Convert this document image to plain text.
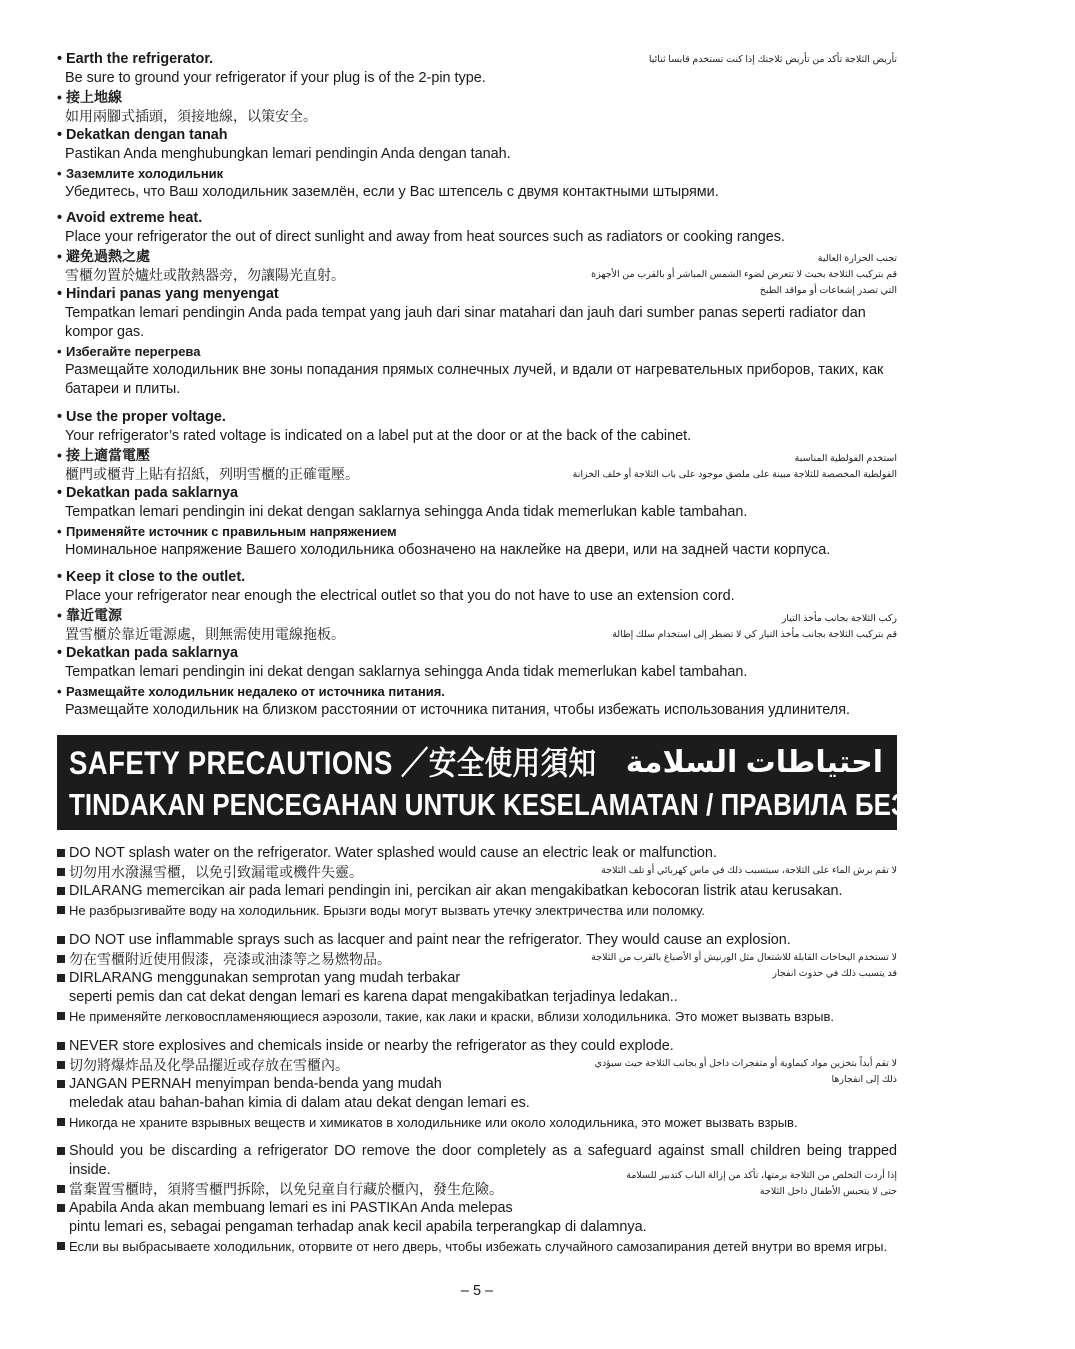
• Earth the refrigerator.
Be sure to ground your refrigerator if your plug is of the 2-pin type.
• 接上地線
如用兩腳式插頭，須接地線，以策安全。
• Dekatkan dengan tanah
Pastikan Anda menghubungkan lemari pendingin Anda dengan tanah.
• Заземлите холодильник
Убедитесь, что Ваш холодильник заземлён, если у Вас штепсель с двумя контактными штырями.
تأريض الثلاجة تأكد من تأريض ثلاجتك إذا كنت تستخدم قابسا ثنائيا
• Avoid extreme heat.
Place your refrigerator the out of direct sunlight and away from heat sources such as radiators or cooking ranges.
• 避免過熱之處
雪櫃勿置於爐灶或散熱器旁，勿讓陽光直射。
• Hindari panas yang menyengat
Tempatkan lemari pendingin Anda pada tempat yang jauh dari sinar matahari dan jauh dari sumber panas seperti radiator dan kompor gas.
• Избегайте перегрева
Размещайте холодильник вне зоны попадания прямых солнечных лучей, и вдали от нагревательных приборов, таких, как батареи и плиты.
تجنب الحرارة العالية
قم بتركيب الثلاجة بحيث لا تتعرض لضوء الشمس المباشر أو بالقرب من الأجهزة
التي تصدر إشعاعات أو مواقد الطبخ
• Use the proper voltage.
Your refrigerator’s rated voltage is indicated on a label put at the door or at the back of the cabinet.
• 接上適當電壓
櫃門或櫃背上貼有招紙，列明雪櫃的正確電壓。
• Dekatkan pada saklarnya
Tempatkan lemari pendingin ini dekat dengan saklarnya sehingga Anda tidak memerlukan kable tambahan.
• Применяйте источник с правильным напряжением
Номинальное напряжение Вашего холодильника обозначено на наклейке на двери, или на задней части корпуса.
استخدم الفولطية المناسبة
الفولطية المخصصة للثلاجة مبينة على ملصق موجود على باب الثلاجة أو خلف الخزانة
• Keep it close to the outlet.
Place your refrigerator near enough the electrical outlet so that you do not have to use an extension cord.
• 靠近電源
置雪櫃於靠近電源處，則無需使用電線拖板。
• Dekatkan pada saklarnya
Tempatkan lemari pendingin ini dekat dengan saklarnya sehingga Anda tidak memerlukan kabel tambahan.
• Размещайте холодильник недалеко от источника питания.
Размещайте холодильник на близком расстоянии от источника питания, чтобы избежать использования удлинителя.
ركب الثلاجة بجانب مأخذ التيار
قم بتركيب الثلاجة بجانب مأخذ التيار كي لا تضطر إلى استخدام سلك إطالة
SAFETY PRECAUTIONS ／安全使用須知 احتياطات السلامة
TINDAKAN PENCEGAHAN UNTUK KESELAMATAN / ПРАВИЛА БЕЗОПАСНОСТИ
DO NOT splash water on the refrigerator. Water splashed would cause an electric leak or malfunction.
切勿用水潑濕雪櫃，以免引致漏電或機件失靈。
DILARANG memercikan air pada lemari pendingin ini, percikan air akan mengakibatkan kebocoran listrik atau kerusakan.
Не разбрызгивайте воду на холодильник. Брызги воды могут вызвать утечку электричества или поломку.
لا تقم برش الماء على الثلاجة، سيتسبب ذلك في ماس كهربائي أو تلف الثلاجة
DO NOT use inflammable sprays such as lacquer and paint near the refrigerator. They would cause an explosion.
勿在雪櫃附近使用假漆，亮漆或油漆等之易燃物品。
DIRLARANG menggunakan semprotan yang mudah terbakar
seperti pemis dan cat dekat dengan lemari es karena dapat mengakibatkan terjadinya ledakan..
Не применяйте легковоспламеняющиеся аэрозоли, такие, как лаки и краски, вблизи холодильника. Это может вызвать взрыв.
لا تستخدم البخاخات القابلة للاشتعال مثل الورنيش أو الأصباغ بالقرب من الثلاجة
قد يتسبب ذلك في حدوث انفجار
NEVER store explosives and chemicals inside or nearby the refrigerator as they could explode.
切勿將爆炸品及化學品擺近或存放在雪櫃內。
JANGAN PERNAH menyimpan benda-benda yang mudah
meledak atau bahan-bahan kimia di dalam atau dekat dengan lemari es.
Никогда не храните взрывных веществ и химикатов в холодильнике или около холодильника, это может вызвать взрыв.
لا تقم أبداً بتخزين مواد كيماوية أو متفجرات داخل أو بجانب الثلاجة حيث سيؤدي
ذلك إلى انفجارها
Should you be discarding a refrigerator DO remove the door completely as a safeguard against small children being trapped inside.
當棄置雪櫃時，須將雪櫃門拆除，以免兒童自行藏於櫃內，發生危險。
Apabila Anda akan membuang lemari es ini PASTIKAn Anda melepas
pintu lemari es, sebagai pengaman terhadap anak kecil apabila terperangkap di dalamnya.
Если вы выбрасываете холодильник, оторвите от него дверь, чтобы избежать случайного самозапирания детей внутри во время игры.
إذا أردت التخلص من الثلاجة برمتها، تأكد من إزالة الباب كتدبير للسلامة
حتى لا يتحبس الأطفال داخل الثلاجة
– 5 –
